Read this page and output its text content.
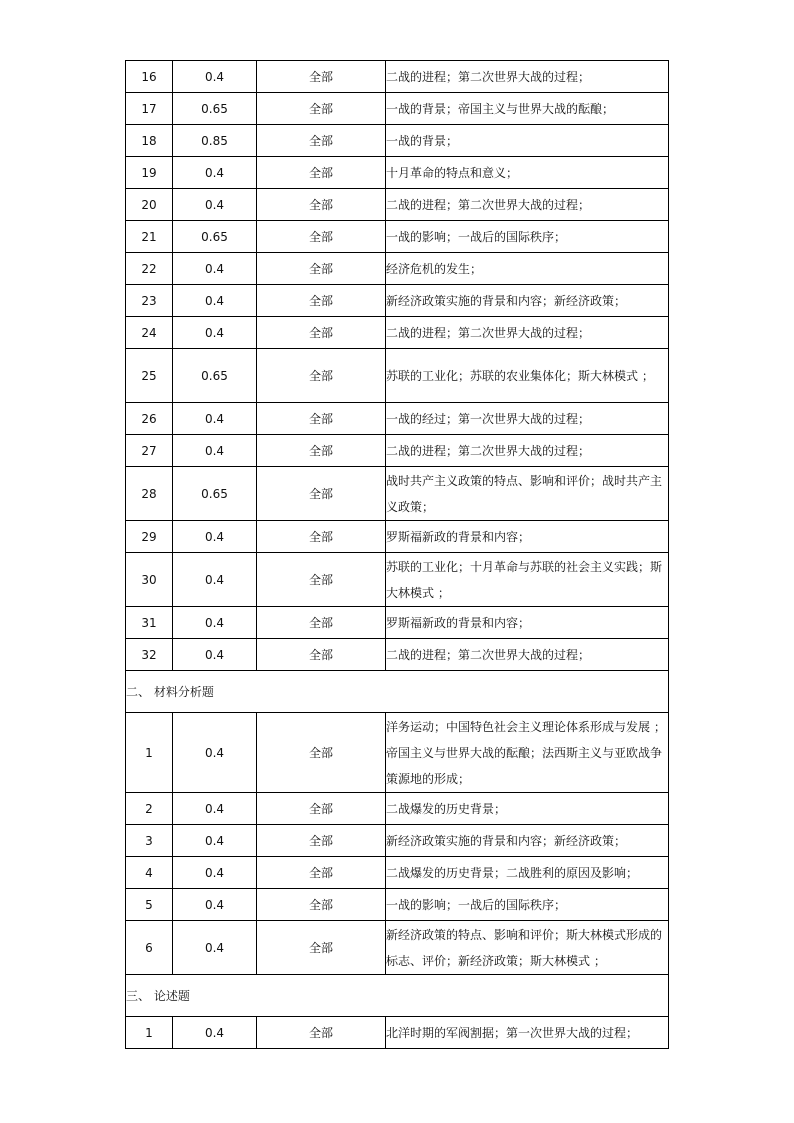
16	0.4	全部	二战的进程；第二次世界大战的过程；
17	0.65	全部	一战的背景；帝国主义与世界大战的酝酿；
18	0.85	全部	一战的背景；
19	0.4	全部	十月革命的特点和意义；
20	0.4	全部	二战的进程；第二次世界大战的过程；
21	0.65	全部	一战的影响；一战后的国际秩序；
22	0.4	全部	经济危机的发生；
23	0.4	全部	新经济政策实施的背景和内容；新经济政策；
24	0.4	全部	二战的进程；第二次世界大战的过程；
25	0.65	全部	苏联的工业化；苏联的农业集体化；斯大林模式 ；
26	0.4	全部	一战的经过；第一次世界大战的过程；
27	0.4	全部	二战的进程；第二次世界大战的过程；
28	0.65	全部	战时共产主义政策的特点、影响和评价；战时共产主义政策；
29	0.4	全部	罗斯福新政的背景和内容；
30	0.4	全部	苏联的工业化；十月革命与苏联的社会主义实践；斯大林模式 ；
31	0.4	全部	罗斯福新政的背景和内容；
32	0.4	全部	二战的进程；第二次世界大战的过程；
二、 材料分析题			
1	0.4	全部	洋务运动；中国特色社会主义理论体系形成与发展 ；帝国主义与世界大战的酝酿；法西斯主义与亚欧战争策源地的形成；
2	0.4	全部	二战爆发的历史背景；
3	0.4	全部	新经济政策实施的背景和内容；新经济政策；
4	0.4	全部	二战爆发的历史背景；二战胜利的原因及影响；
5	0.4	全部	一战的影响；一战后的国际秩序；
6	0.4	全部	新经济政策的特点、影响和评价；斯大林模式形成的标志、评价；新经济政策；斯大林模式 ；
三、 论述题			
1	0.4	全部	北洋时期的军阀割据；第一次世界大战的过程；
